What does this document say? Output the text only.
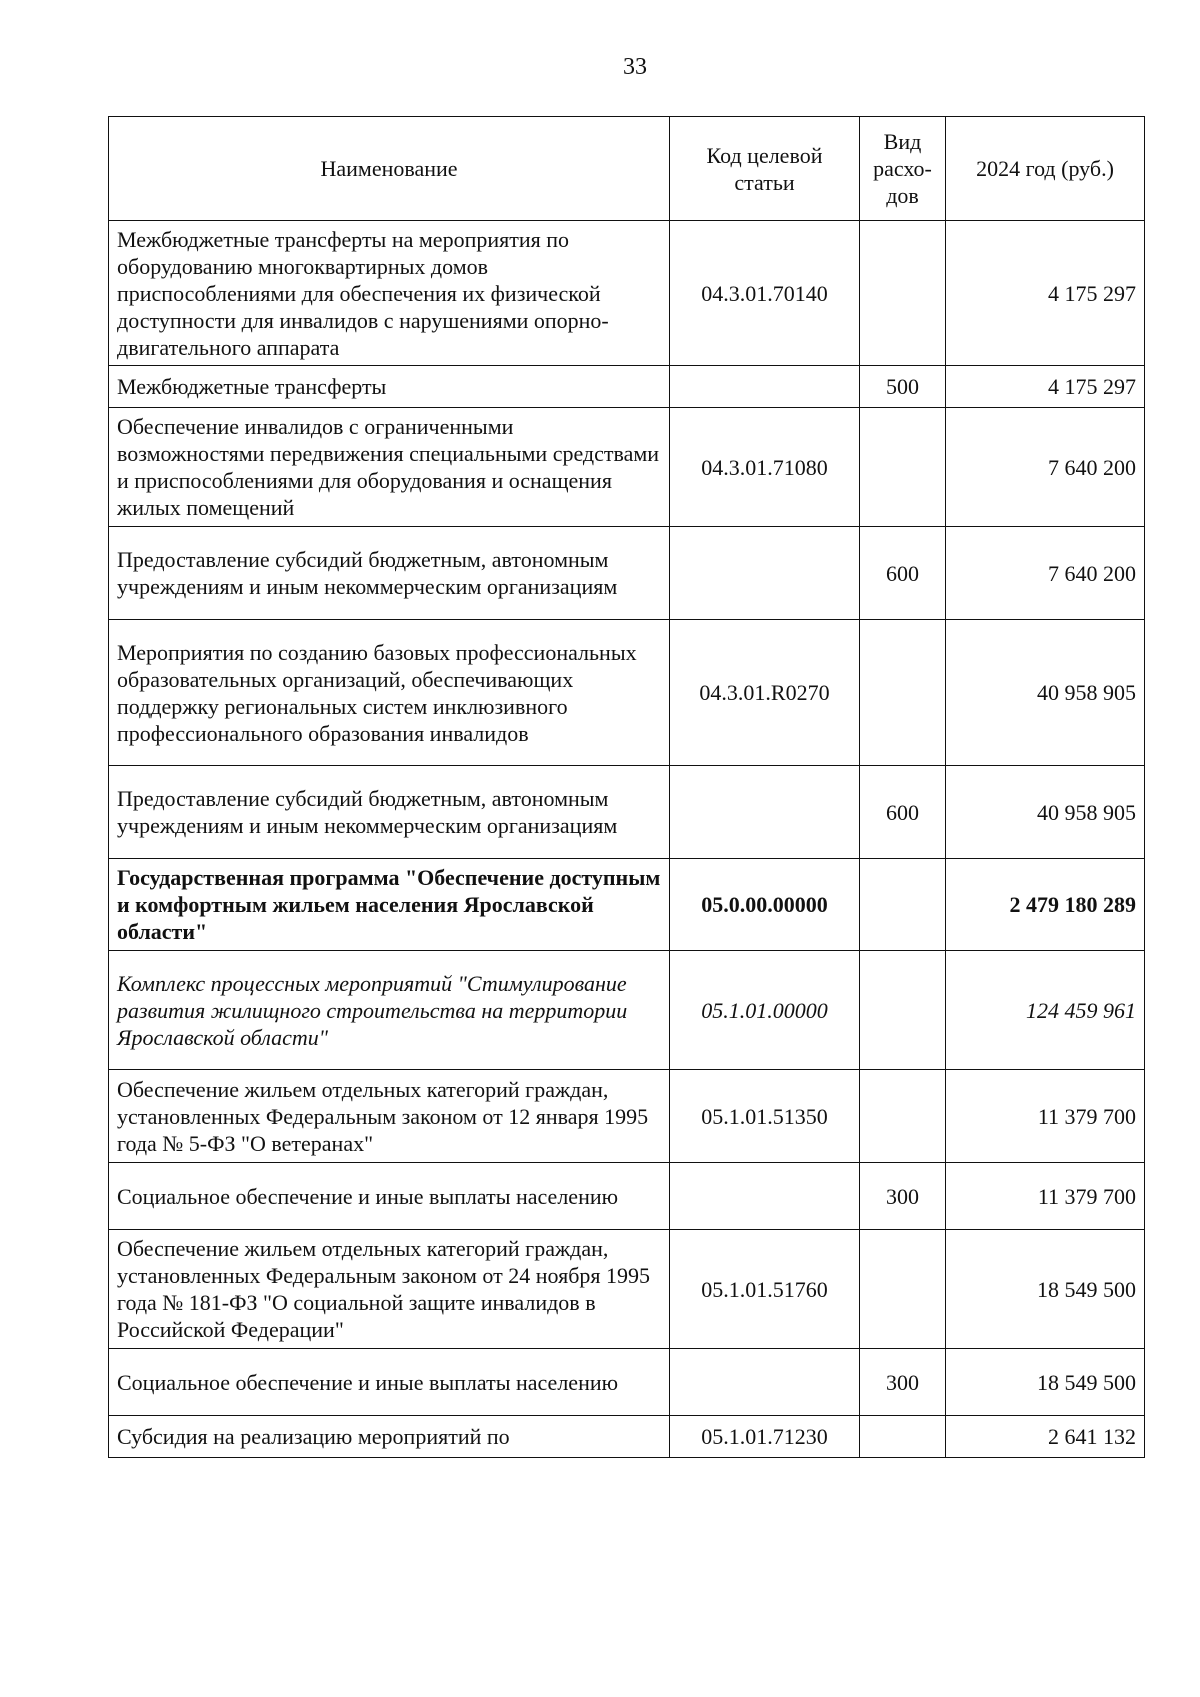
33
Наименование	Код целевой статьи	Вид расхо-дов	2024 год (руб.)
Межбюджетные трансферты на мероприятия по оборудованию многоквартирных домов приспособлениями для обеспечения их физической доступности для инвалидов с нарушениями опорно-двигательного аппарата	04.3.01.70140		4 175 297
Межбюджетные трансферты		500	4 175 297
Обеспечение инвалидов с ограниченными возможностями передвижения специальными средствами и приспособлениями для оборудования и оснащения жилых помещений	04.3.01.71080		7 640 200
Предоставление субсидий бюджетным, автономным учреждениям и иным некоммерческим организациям		600	7 640 200
Мероприятия по созданию базовых профессиональных образовательных организаций, обеспечивающих поддержку региональных систем инклюзивного профессионального образования инвалидов	04.3.01.R0270		40 958 905
Предоставление субсидий бюджетным, автономным учреждениям и иным некоммерческим организациям		600	40 958 905
Государственная программа "Обеспечение доступным и комфортным жильем населения Ярославской области"	05.0.00.00000		2 479 180 289
Комплекс процессных мероприятий "Стимулирование развития жилищного строительства на территории Ярославской области"	05.1.01.00000		124 459 961
Обеспечение жильем отдельных категорий граждан, установленных Федеральным законом от 12 января 1995 года № 5-ФЗ "О ветеранах"	05.1.01.51350		11 379 700
Социальное обеспечение и иные выплаты населению		300	11 379 700
Обеспечение жильем отдельных категорий граждан, установленных Федеральным законом от 24 ноября 1995 года № 181-ФЗ "О социальной защите инвалидов в Российской Федерации"	05.1.01.51760		18 549 500
Социальное обеспечение и иные выплаты населению		300	18 549 500
Субсидия на реализацию мероприятий по	05.1.01.71230		2 641 132
